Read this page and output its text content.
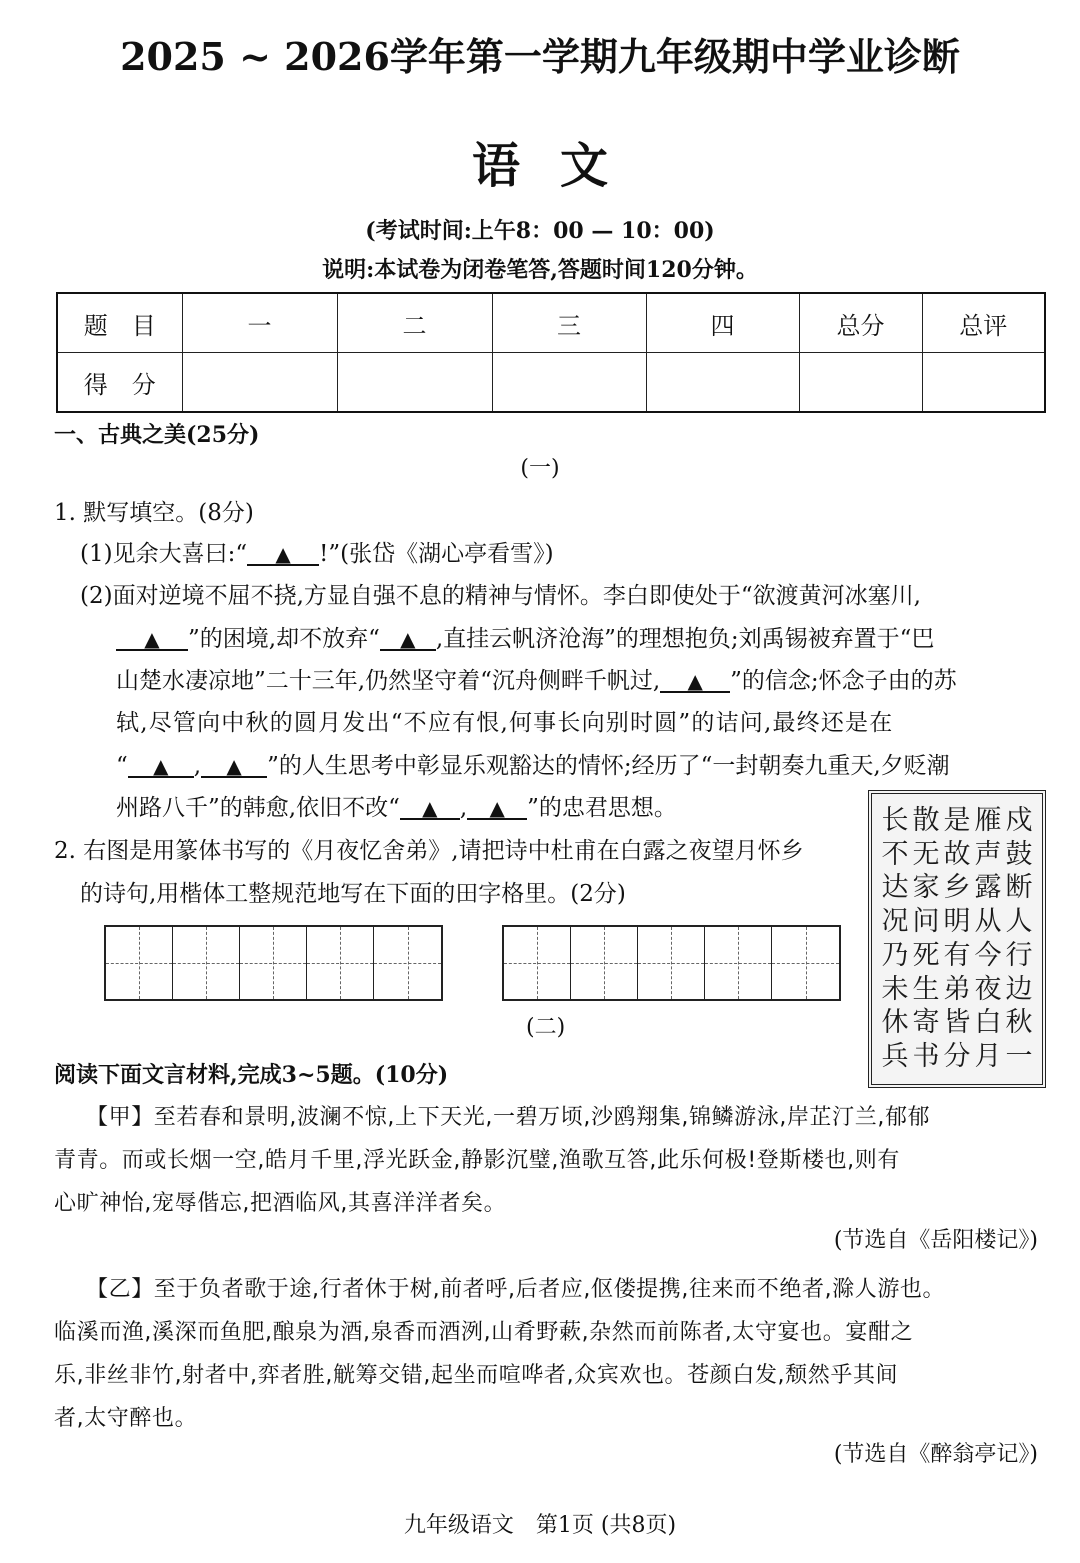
2025 ~ 2026学年第一学期九年级期中学业诊断
语文
(考试时间:上午8：00 — 10：00)
说明:本试卷为闭卷笔答,答题时间120分钟。
题　目	一	二	三	四	总分	总评
得　分						
一、古典之美(25分)
(一)
1. 默写填空。(8分)
(1)见余大喜曰:“ ▲ !”(张岱《湖心亭看雪》)
(2)面对逆境不屈不挠,方显自强不息的精神与情怀。李白即使处于“欲渡黄河冰塞川,
▲ ”的困境,却不放弃“ ▲ ,直挂云帆济沧海”的理想抱负;刘禹锡被弃置于“巴
山楚水凄凉地”二十三年,仍然坚守着“沉舟侧畔千帆过, ▲ ”的信念;怀念子由的苏
轼,尽管向中秋的圆月发出“不应有恨,何事长向别时圆”的诘问,最终还是在
“ ▲ , ▲ ”的人生思考中彰显乐观豁达的情怀;经历了“一封朝奏九重天,夕贬潮
州路八千”的韩愈,依旧不改“ ▲ , ▲ ”的忠君思想。
2. 右图是用篆体书写的《月夜忆舍弟》,请把诗中杜甫在白露之夜望月怀乡
的诗句,用楷体工整规范地写在下面的田字格里。(2分)
戍
鼓
断
人
行
边
秋
一
雁
声
露
从
今
夜
白
月
是
故
乡
明
有
弟
皆
分
散
无
家
问
死
生
寄
书
长
不
达
况
乃
未
休
兵
(二)
阅读下面文言材料,完成3~5题。(10分)
【甲】至若春和景明,波澜不惊,上下天光,一碧万顷,沙鸥翔集,锦鳞游泳,岸芷汀兰,郁郁
青青。而或长烟一空,皓月千里,浮光跃金,静影沉璧,渔歌互答,此乐何极!登斯楼也,则有
心旷神怡,宠辱偕忘,把酒临风,其喜洋洋者矣。
(节选自《岳阳楼记》)
【乙】至于负者歌于途,行者休于树,前者呼,后者应,伛偻提携,往来而不绝者,滁人游也。
临溪而渔,溪深而鱼肥,酿泉为酒,泉香而酒洌,山肴野蔌,杂然而前陈者,太守宴也。宴酣之
乐,非丝非竹,射者中,弈者胜,觥筹交错,起坐而喧哗者,众宾欢也。苍颜白发,颓然乎其间
者,太守醉也。
(节选自《醉翁亭记》)
九年级语文　第1页 (共8页)
